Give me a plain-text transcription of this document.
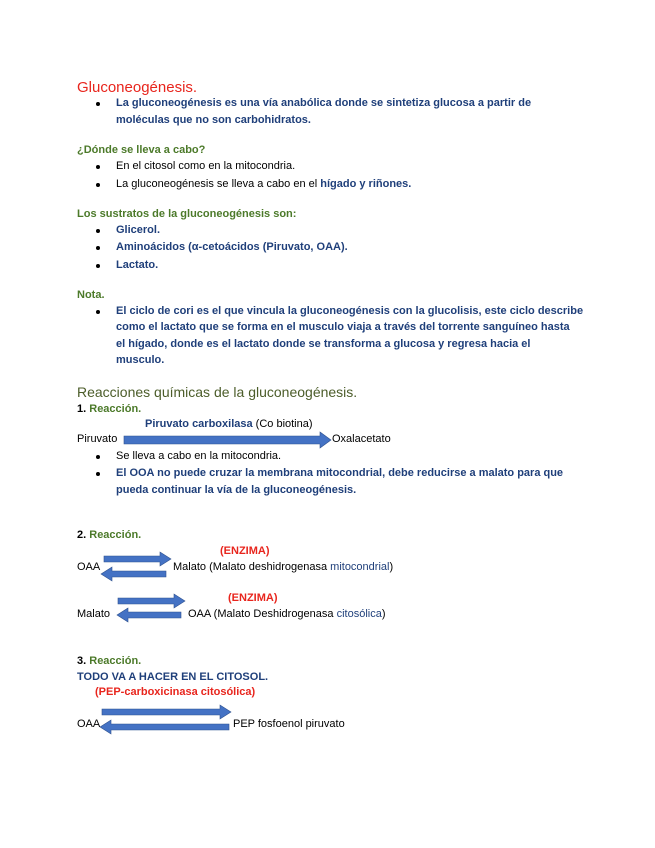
Gluconeogénesis.
La gluconeogénesis es una vía anabólica donde se sintetiza glucosa a partir de
moléculas que no son carbohidratos.
¿Dónde se lleva a cabo?
En el citosol como en la mitocondria.
La gluconeogénesis se lleva a cabo en el hígado y riñones.
Los sustratos de la gluconeogénesis son:
Glicerol.
Aminoácidos (α-cetoácidos (Piruvato, OAA).
Lactato.
Nota.
El ciclo de cori es el que vincula la gluconeogénesis con la glucolisis, este ciclo describe
como el lactato que se forma en el musculo viaja a través del torrente sanguíneo hasta
el hígado, donde es el lactato donde se transforma a glucosa y regresa hacia el
musculo.
Reacciones químicas de la gluconeogénesis.
1. Reacción.
Piruvato carboxilasa (Co biotina)
Piruvato	Oxalacetato
Se lleva a cabo en la mitocondria.
El OOA no puede cruzar la membrana mitocondrial, debe reducirse a malato para que
pueda continuar la vía de la gluconeogénesis.
2. Reacción.
(ENZIMA)
OAA	Malato (Malato deshidrogenasa mitocondrial)
(ENZIMA)
Malato	OAA (Malato Deshidrogenasa citosólica)
3. Reacción.
TODO VA A HACER EN EL CITOSOL.
(PEP-carboxicinasa citosólica)
OAA	PEP fosfoenol piruvato
